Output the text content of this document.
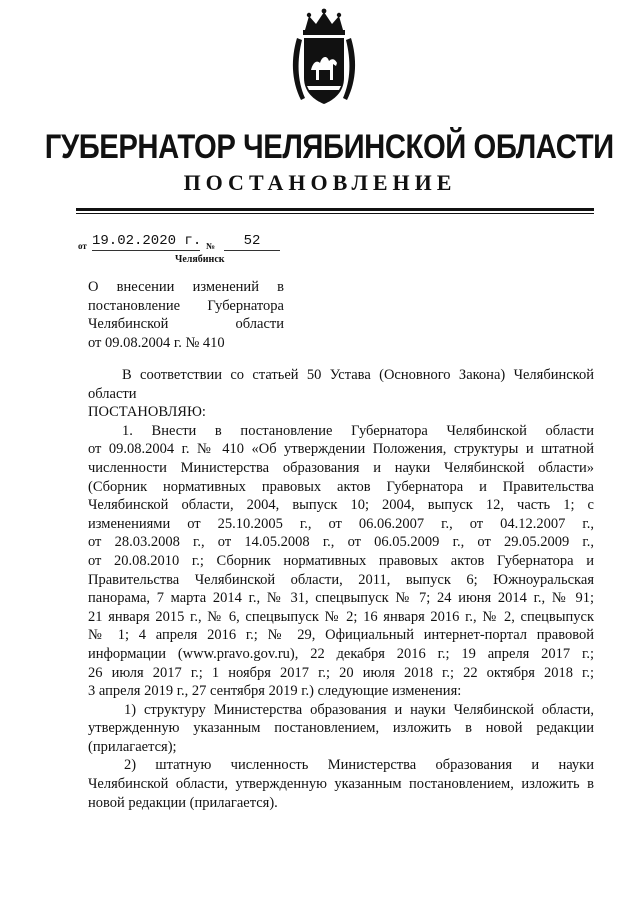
ГУБЕРНАТОР ЧЕЛЯБИНСКОЙ ОБЛАСТИ
ПОСТАНОВЛЕНИЕ
от 19.02.2020 г. №	52
Челябинск
О внесении изменений в
постановление Губернатора
Челябинской области
от 09.08.2004 г. № 410
В соответствии со статьей 50 Устава (Основного Закона) Челябинской
области
ПОСТАНОВЛЯЮ:
1. Внести в постановление Губернатора Челябинской области
от 09.08.2004 г. № 410 «Об утверждении Положения, структуры и штатной
численности Министерства образования и науки Челябинской области»
(Сборник нормативных правовых актов Губернатора и Правительства
Челябинской области, 2004, выпуск 10; 2004, выпуск 12, часть 1; с
изменениями от 25.10.2005 г., от 06.06.2007 г., от 04.12.2007 г.,
от 28.03.2008 г., от 14.05.2008 г., от 06.05.2009 г., от 29.05.2009 г.,
от 20.08.2010 г.; Сборник нормативных правовых актов Губернатора и
Правительства Челябинской области, 2011, выпуск 6; Южноуральская
панорама, 7 марта 2014 г., № 31, спецвыпуск № 7; 24 июня 2014 г., № 91;
21 января 2015 г., № 6, спецвыпуск № 2; 16 января 2016 г., № 2, спецвыпуск
№ 1; 4 апреля 2016 г.; № 29, Официальный интернет-портал правовой
информации (www.pravo.gov.ru), 22 декабря 2016 г.; 19 апреля 2017 г.;
26 июля 2017 г.; 1 ноября 2017 г.; 20 июля 2018 г.; 22 октября 2018 г.;
3 апреля 2019 г., 27 сентября 2019 г.) следующие изменения:
1) структуру Министерства образования и науки Челябинской области,
утвержденную указанным постановлением, изложить в новой редакции
(прилагается);
2) штатную численность Министерства образования и науки
Челябинской области, утвержденную указанным постановлением, изложить в
новой редакции (прилагается).
